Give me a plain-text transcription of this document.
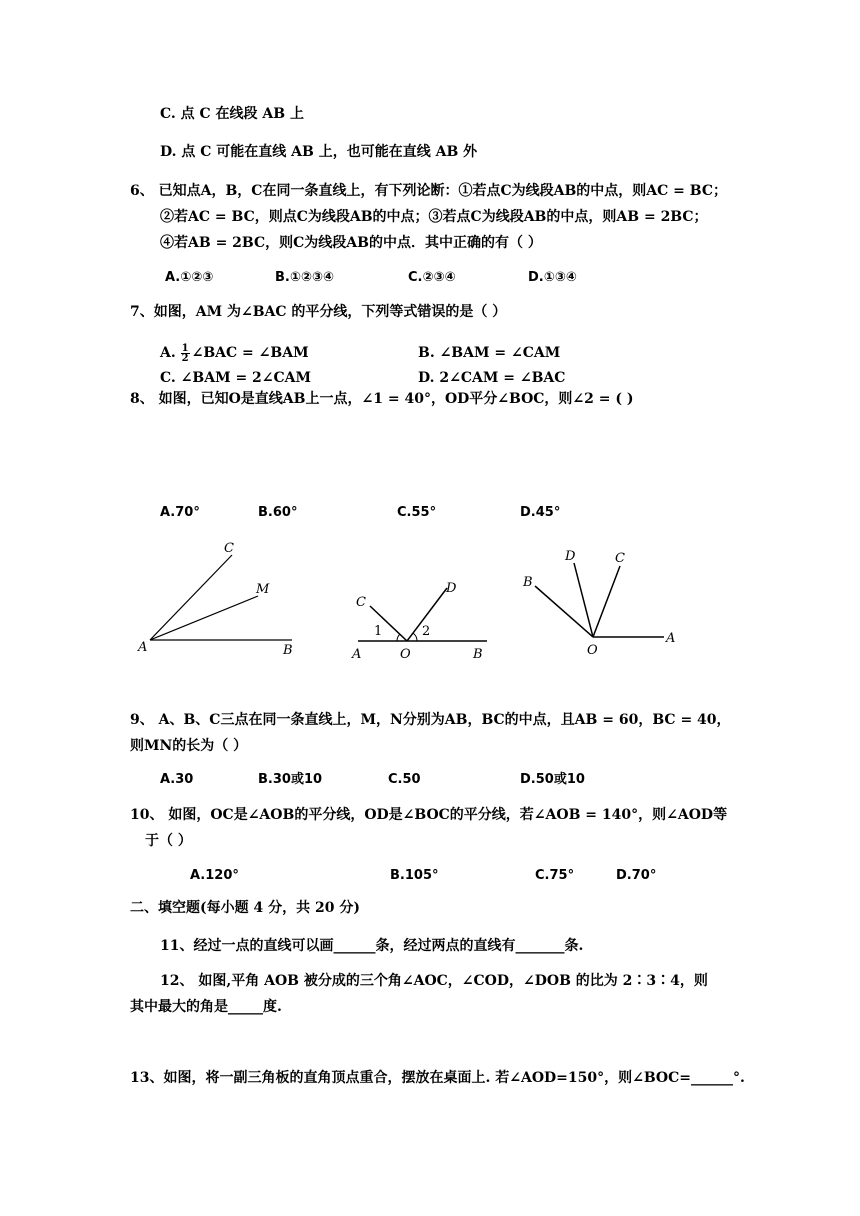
C. 点 C 在线段 AB 上
D. 点 C 可能在直线 AB 上，也可能在直线 AB 外
6、 已知点A，B，C在同一条直线上，有下列论断：①若点C为线段AB的中点，则AC = BC；
②若AC = BC，则点C为线段AB的中点；③若点C为线段AB的中点，则AB = 2BC；
④若AB = 2BC，则C为线段AB的中点．其中正确的有（ ）
A.①②③	B.①②③④	C.②③④	D.①③④
7、如图，AM 为∠BAC 的平分线，下列等式错误的是（ ）
A. $\frac{1}{2}$ ∠BAC = ∠BAM	B. ∠BAM = ∠CAM
C. ∠BAM = 2∠CAM	D. 2∠CAM = ∠BAC
8、 如图，已知O是直线AB上一点，∠1 = 40°，OD平分∠BOC，则∠2 = ( )
A.70°	B.60°	C.55°	D.45°
C
M
A	B
C
D
1	2
A	O	B
D	C
B
O
A
9、 A、B、C三点在同一条直线上，M，N分别为AB，BC的中点，且AB = 60，BC = 40，
则MN的长为（ ）
A.30	B.30或10	C.50	D.50或10
10、 如图，OC是∠AOB的平分线，OD是∠BOC的平分线，若∠AOB = 140°，则∠AOD等
于（ ）
A.120°	B.105°	C.75°	D.70°
二、填空题(每小题 4 分，共 20 分)
11、经过一点的直线可以画______条，经过两点的直线有_______条.
12、 如图,平角 AOB 被分成的三个角∠AOC，∠COD，∠DOB 的比为 2∶3∶4，则
其中最大的角是_____度.
13、如图，将一副三角板的直角顶点重合，摆放在桌面上. 若∠AOD=150°，则∠BOC=______°.
